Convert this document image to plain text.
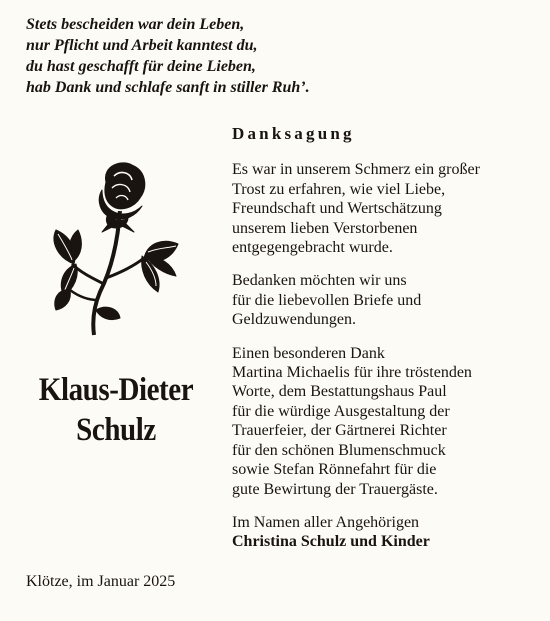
Stets bescheiden war dein Leben,
nur Pflicht und Arbeit kanntest du,
du hast geschafft für deine Lieben,
hab Dank und schlafe sanft in stiller Ruh’.
Klaus-Dieter
Schulz
Danksagung
Es war in unserem Schmerz ein großer
Trost zu erfahren, wie viel Liebe,
Freundschaft und Wertschätzung
unserem lieben Verstorbenen
entgegengebracht wurde.
Bedanken möchten wir uns
für die liebevollen Briefe und
Geldzuwendungen.
Einen besonderen Dank
Martina Michaelis für ihre tröstenden
Worte, dem Bestattungshaus Paul
für die würdige Ausgestaltung der
Trauerfeier, der Gärtnerei Richter
für den schönen Blumenschmuck
sowie Stefan Rönnefahrt für die
gute Bewirtung der Trauergäste.
Im Namen aller Angehörigen
Christina Schulz und Kinder
Klötze, im Januar 2025
